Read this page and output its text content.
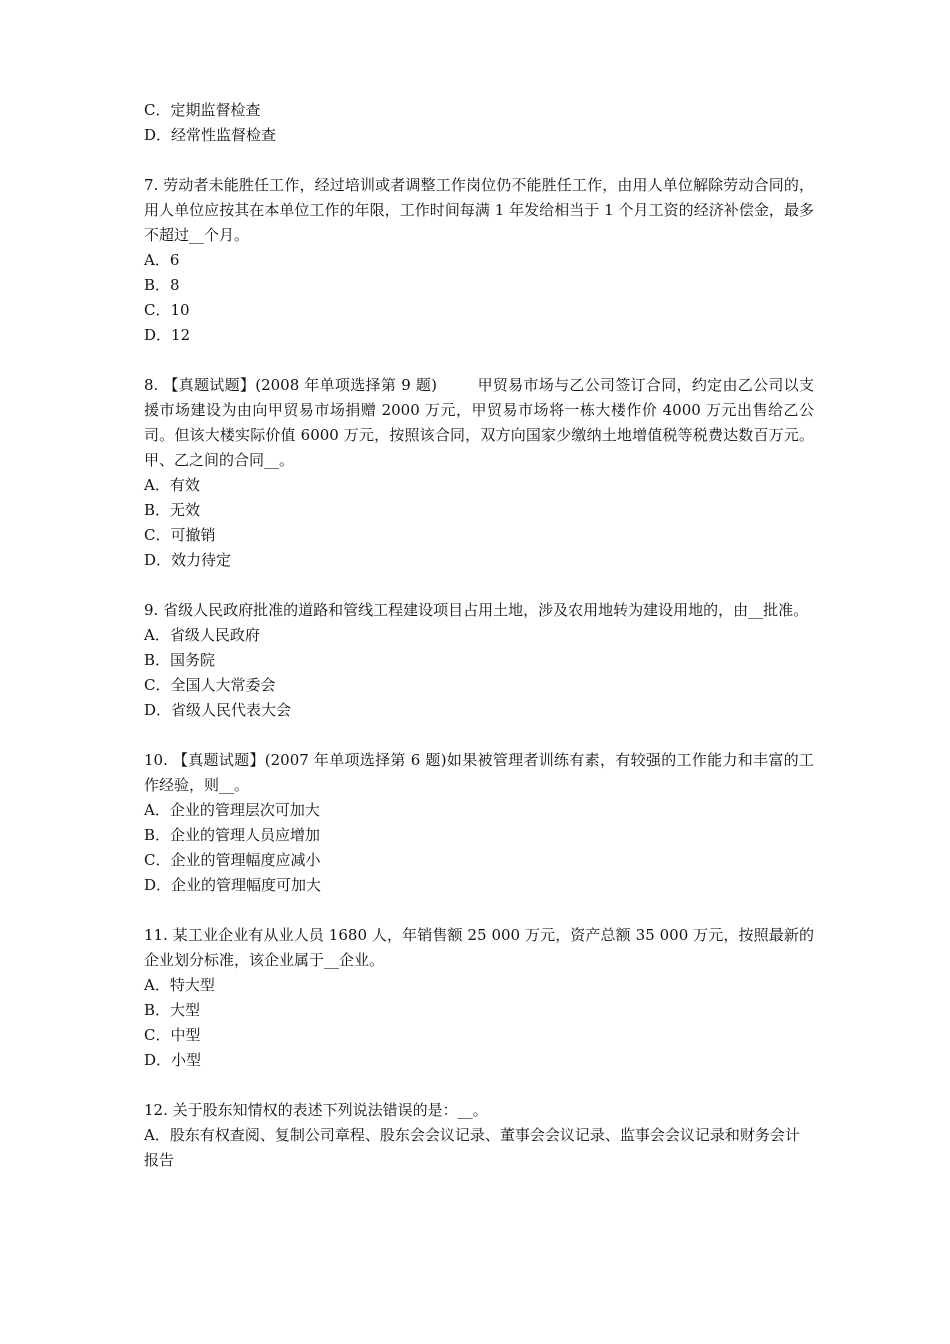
C．定期监督检查

D．经常性监督检查

7. 劳动者未能胜任工作，经过培训或者调整工作岗位仍不能胜任工作，由用人单位解除劳动合同的，用人单位应按其在本单位工作的年限，工作时间每满 1 年发给相当于 1 个月工资的经济补偿金，最多不超过__个月。

A．6

B．8

C．10

D．12

8. 【真题试题】(2008 年单项选择第 9 题)        甲贸易市场与乙公司签订合同，约定由乙公司以支援市场建设为由向甲贸易市场捐赠 2000 万元，甲贸易市场将一栋大楼作价 4000 万元出售给乙公司。但该大楼实际价值 6000 万元，按照该合同，双方向国家少缴纳土地增值税等税费达数百万元。甲、乙之间的合同__。

A．有效

B．无效

C．可撤销

D．效力待定

9. 省级人民政府批准的道路和管线工程建设项目占用土地，涉及农用地转为建设用地的，由__批准。

A．省级人民政府

B．国务院

C．全国人大常委会

D．省级人民代表大会

10. 【真题试题】(2007 年单项选择第 6 题)如果被管理者训练有素，有较强的工作能力和丰富的工作经验，则__。

A．企业的管理层次可加大

B．企业的管理人员应增加

C．企业的管理幅度应减小

D．企业的管理幅度可加大

11. 某工业企业有从业人员 1680 人，年销售额 25 000 万元，资产总额 35 000 万元，按照最新的企业划分标准，该企业属于__企业。

A．特大型

B．大型

C．中型

D．小型

12. 关于股东知情权的表述下列说法错误的是：__。

A．股东有权查阅、复制公司章程、股东会会议记录、董事会会议记录、监事会会议记录和财务会计报告
